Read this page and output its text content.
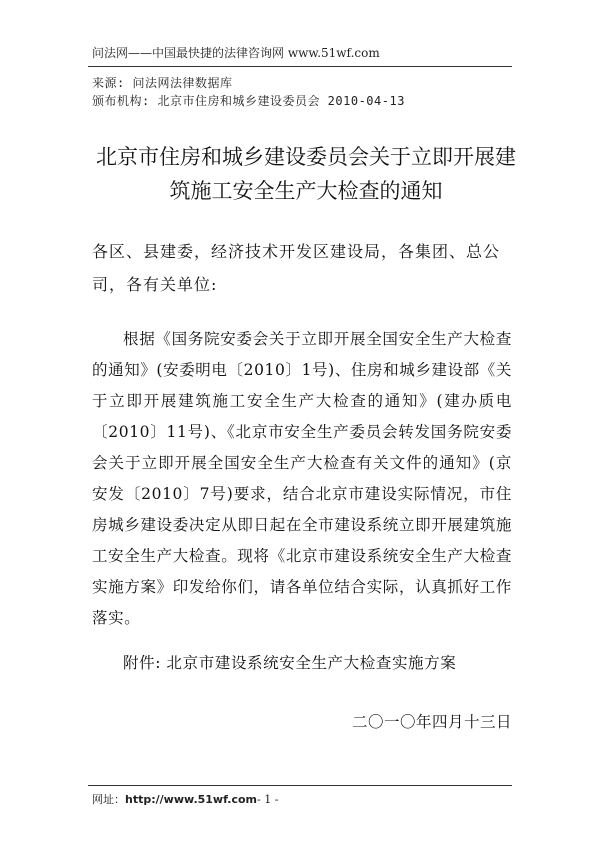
问法网——中国最快捷的法律咨询网 www.51wf.com
来源: 问法网法律数据库
颁布机构: 北京市住房和城乡建设委员会 2010-04-13
北京市住房和城乡建设委员会关于立即开展建筑施工安全生产大检查的通知
各区、县建委，经济技术开发区建设局，各集团、总公司，各有关单位:
根据《国务院安委会关于立即开展全国安全生产大检查的通知》(安委明电〔2010〕1号)、住房和城乡建设部《关于立即开展建筑施工安全生产大检查的通知》(建办质电〔2010〕11号)、《北京市安全生产委员会转发国务院安委会关于立即开展全国安全生产大检查有关文件的通知》(京安发〔2010〕7号)要求，结合北京市建设实际情况，市住房城乡建设委决定从即日起在全市建设系统立即开展建筑施工安全生产大检查。现将《北京市建设系统安全生产大检查实施方案》印发给你们，请各单位结合实际，认真抓好工作落实。
附件: 北京市建设系统安全生产大检查实施方案
二〇一〇年四月十三日
网址：http://www.51wf.com- 1 -
